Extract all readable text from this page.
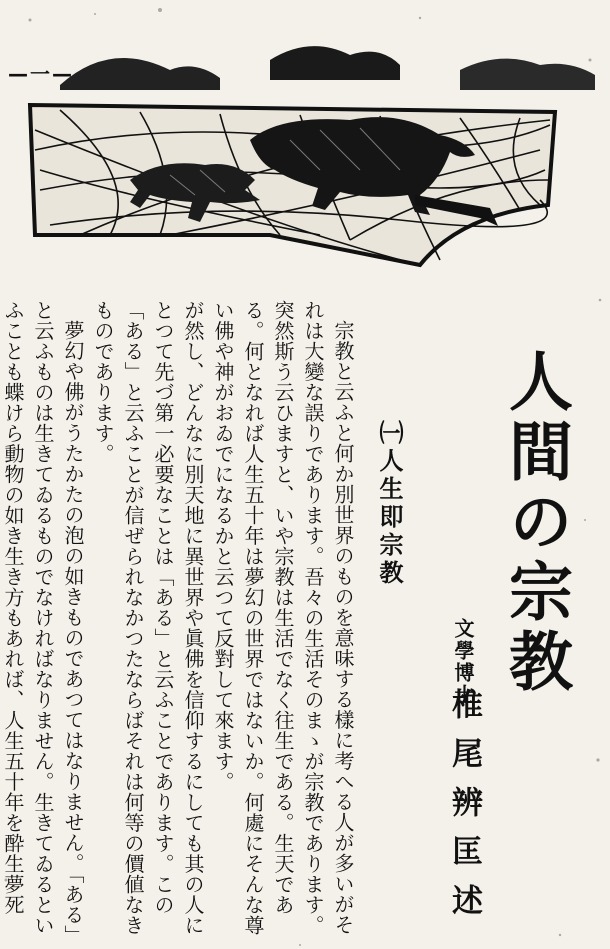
—一—
人間の宗教
文學博士
椎尾辨匡述
㈠人生即宗教

宗教と云ふと何か別世界のものを意味する樣に考へる人が多いがそれは大變な誤りであります。吾々の生活そのまゝが宗教であります。突然斯う云ひますと、いや宗教は生活でなく往生である。生天である。何となれば人生五十年は夢幻の世界ではないか。何處にそんな尊い佛や神がおゐでになるかと云つて反對して來ます。

が然し、どんなに別天地に異世界や眞佛を信仰するにしても其の人にとつて先づ第一必要なことは「ある」と云ふことであります。この「ある」と云ふことが信ぜられなかつたならばそれは何等の價値なきものであります。

夢幻や佛がうたかたの泡の如きものであつてはなりません。「ある」と云ふものは生きてゐるものでなければなりません。生きてゐるといふことも蝶けら動物の如き生き方もあれば、人生五十年を酔生夢死
